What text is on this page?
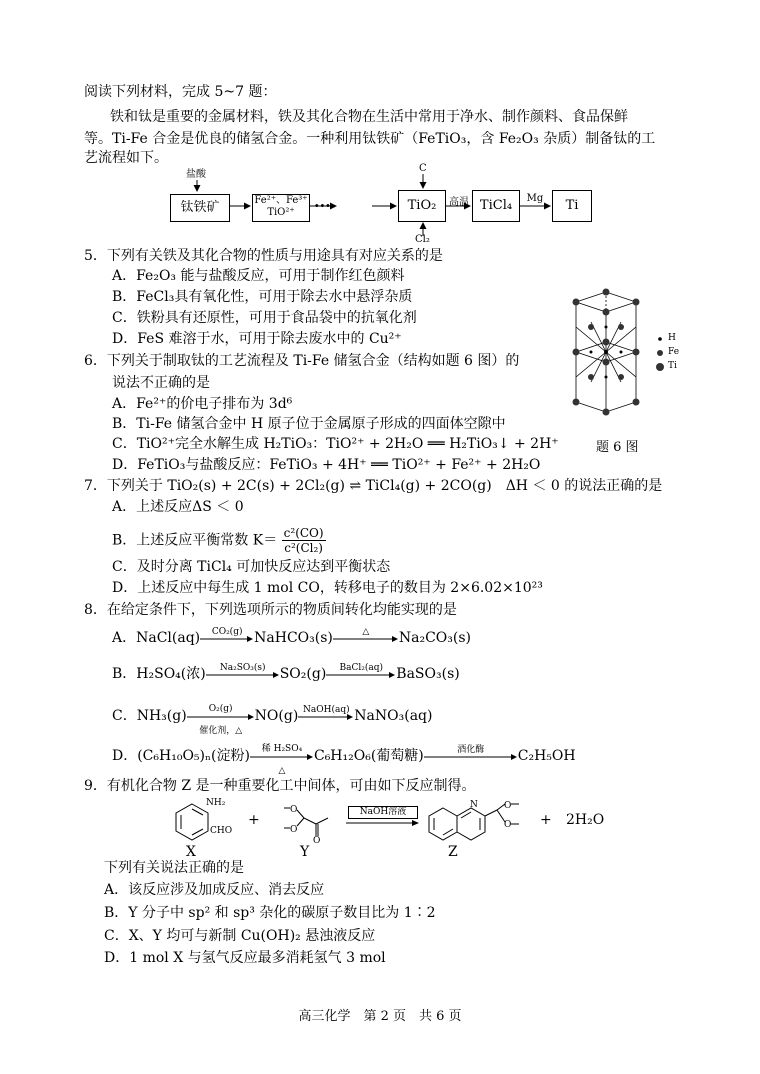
阅读下列材料，完成 5~7 题：
铁和钛是重要的金属材料，铁及其化合物在生活中常用于净水、制作颜料、食品保鲜
等。Ti-Fe 合金是优良的储氢合金。一种利用钛铁矿（FeTiO₃，含 Fe₂O₃ 杂质）制备钛的工
艺流程如下。
盐酸
钛铁矿	Fe²⁺、Fe³⁺
TiO²⁺	···
C
TiO₂
Cl₂
高温 TiCl₄	Mg	Ti
5．下列有关铁及其化合物的性质与用途具有对应关系的是
A．Fe₂O₃ 能与盐酸反应，可用于制作红色颜料
B．FeCl₃具有氧化性，可用于除去水中悬浮杂质
C．铁粉具有还原性，可用于食品袋中的抗氧化剂
D．FeS 难溶于水，可用于除去废水中的 Cu²⁺	H
Fe
Ti
题 6 图
6．下列关于制取钛的工艺流程及 Ti-Fe 储氢合金（结构如题 6 图）的
说法不正确的是
A．Fe²⁺的价电子排布为 3d⁶
B．Ti-Fe 储氢合金中 H 原子位于金属原子形成的四面体空隙中
C．TiO²⁺完全水解生成 H₂TiO₃：TiO²⁺ + 2H₂O ══ H₂TiO₃↓ + 2H⁺
D．FeTiO₃与盐酸反应：FeTiO₃ + 4H⁺ ══ TiO²⁺ + Fe²⁺ + 2H₂O
7．下列关于 TiO₂(s) + 2C(s) + 2Cl₂(g) ⇌ TiCl₄(g) + 2CO(g)　ΔH ＜ 0 的说法正确的是
A．上述反应ΔS ＜ 0
B．上述反应平衡常数 $K= \frac{\text{c²(CO)}}{\text{c²(Cl₂)}}$
C．及时分离 TiCl₄ 可加快反应达到平衡状态
D．上述反应中每生成 1 mol CO，转移电子的数目为 2×6.02×10²³
8．在给定条件下，下列选项所示的物质间转化均能实现的是
A．NaCl(aq)	CO₂(g) NaHCO₃(s)	△	Na₂CO₃(s)
B．H₂SO₄(浓)	Na₂SO₃(s)	SO₂(g)	BaCl₂(aq) BaSO₃(s)
C．NH₃(g)	O₂(g)
催化剂，△
NO(g) NaOH(aq) NaNO₃(aq)
D．(C₆H₁₀O₅)ₙ(淀粉)	稀 H₂SO₄
△
C₆H₁₂O₆(葡萄糖)	酒化酶	C₂H₅OH
9．有机化合物 Z 是一种重要化工中间体，可由如下反应制得。
NH₂
CHO
X
+
O
O
O
Y
NaOH溶液
O
O
N
Z
+ 2H₂O
下列有关说法正确的是
A．该反应涉及加成反应、消去反应
B．Y 分子中 sp² 和 sp³ 杂化的碳原子数目比为 1∶2
C．X、Y 均可与新制 Cu(OH)₂ 悬浊液反应
D．1 mol X 与氢气反应最多消耗氢气 3 mol
高三化学　第 2 页　共 6 页
